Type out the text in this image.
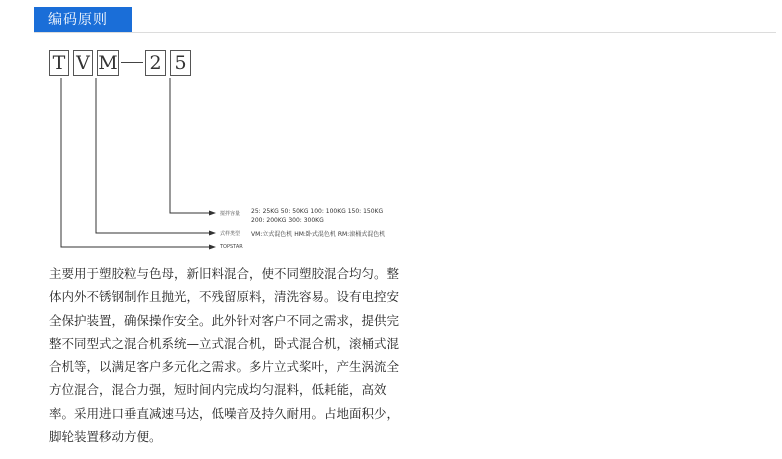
编码原则
T V M 2 5
搅拌容量 25: 25KG 50: 50KG 100: 100KG 150: 150KG
200: 200KG 300: 300KG
式样类型 VM:立式混色机 HM:卧式混色机 RM:滚桶式混色机
TOPSTAR

主要用于塑胶粒与色母，新旧料混合，使不同塑胶混合均匀。整体内外不锈钢制作且抛光，不残留原料，清洗容易。设有电控安全保护装置，确保操作安全。此外针对客户不同之需求，提供完整不同型式之混合机系统—立式混合机，卧式混合机，滚桶式混合机等，以满足客户多元化之需求。多片立式桨叶，产生涡流全方位混合，混合力强，短时间内完成均匀混料，低耗能，高效率。采用进口垂直减速马达，低噪音及持久耐用。占地面积少，脚轮装置移动方便。
